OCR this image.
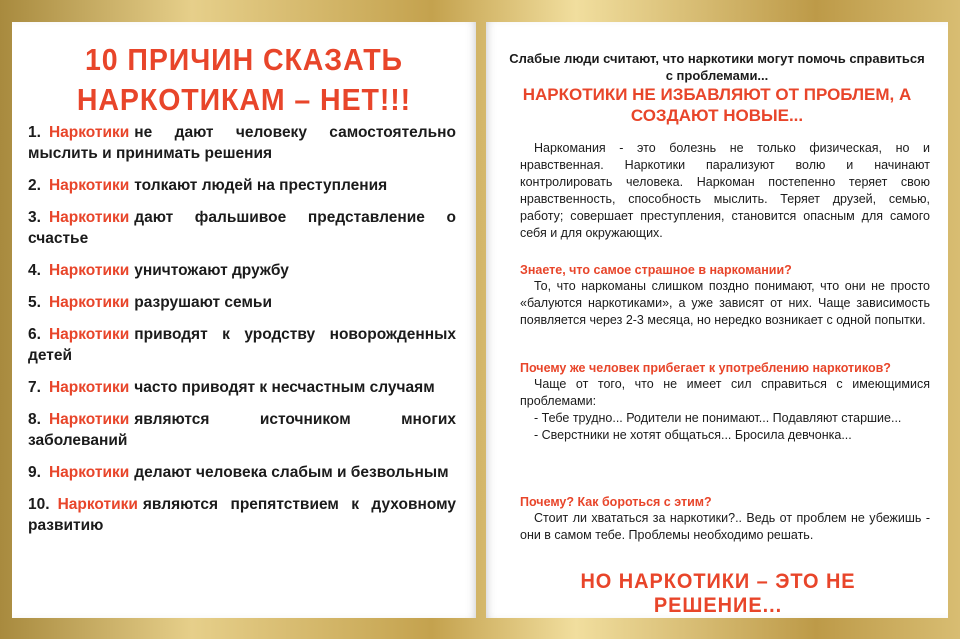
10 ПРИЧИН СКАЗАТЬ
НАРКОТИКАМ – НЕТ!!!
1. Наркотики не дают человеку самостоятельно мыслить и принимать решения
2. Наркотики толкают людей на преступления
3. Наркотики дают фальшивое представление о счастье
4. Наркотики уничтожают дружбу
5. Наркотики разрушают семьи
6. Наркотики приводят к уродству новорожденных детей
7. Наркотики часто приводят к несчастным случаям
8. Наркотики являются источником многих заболеваний
9. Наркотики делают человека слабым и безвольным
10. Наркотики являются препятствием к духовному развитию
Слабые люди считают, что наркотики могут помочь справиться с проблемами...
НАРКОТИКИ НЕ ИЗБАВЛЯЮТ ОТ ПРОБЛЕМ, А СОЗДАЮТ НОВЫЕ...

Наркомания - это болезнь не только физическая, но и нравственная. Наркотики парализуют волю и начинают контролировать человека. Наркоман постепенно теряет свою нравственность, способность мыслить. Теряет друзей, семью, работу; совершает преступления, становится опасным для самого себя и для окружающих.

Знаете, что самое страшное в наркомании?

То, что наркоманы слишком поздно понимают, что они не просто «балуются наркотиками», а уже зависят от них. Чаще зависимость появляется через 2-3 месяца, но нередко возникает с одной попытки.

Почему же человек прибегает к употреблению наркотиков?

Чаще от того, что не имеет сил справиться с имеющимися проблемами:

- Тебе трудно... Родители не понимают... Подавляют старшие...

- Сверстники не хотят общаться... Бросила девчонка...

Почему? Как бороться с этим?

Стоит ли хвататься за наркотики?.. Ведь от проблем не убежишь - они в самом тебе. Проблемы необходимо решать.

НО НАРКОТИКИ – ЭТО НЕ РЕШЕНИЕ...
